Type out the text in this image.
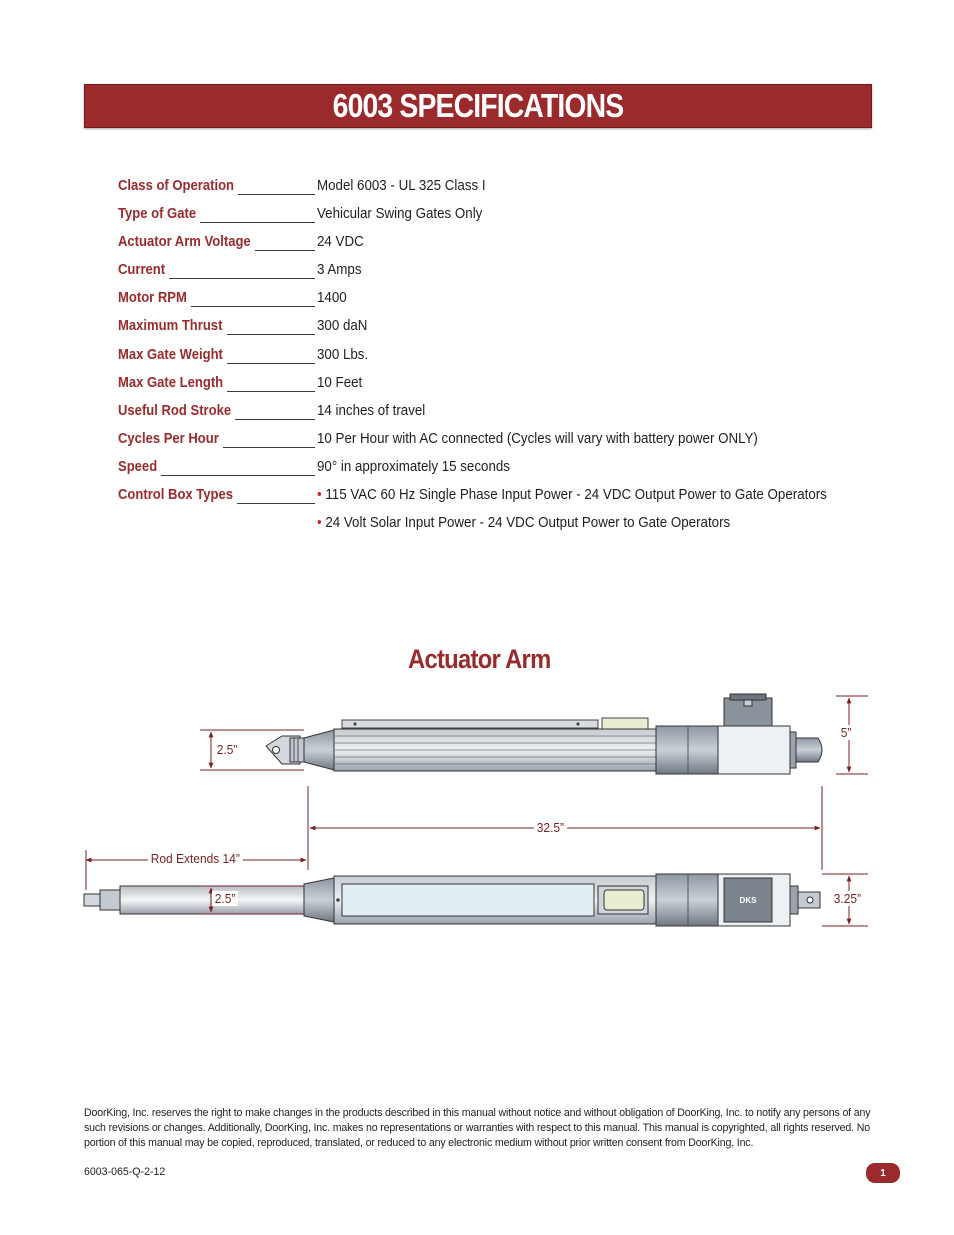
6003 SPECIFICATIONS
Class of Operation	Model 6003 - UL 325 Class I
Type of Gate	Vehicular Swing Gates Only
Actuator Arm Voltage	24 VDC
Current	3 Amps
Motor RPM	1400
Maximum Thrust	300 daN
Max Gate Weight	300 Lbs.
Max Gate Length	10 Feet
Useful Rod Stroke	14 inches of travel
Cycles Per Hour	10 Per Hour with AC connected (Cycles will vary with battery power ONLY)
Speed	90° in approximately 15 seconds
Control Box Types	• 115 VAC 60 Hz Single Phase Input Power - 24 VDC Output Power to Gate Operators
• 24 Volt Solar Input Power - 24 VDC Output Power to Gate Operators
Actuator Arm
DKS
2.5”
5”
32.5”
Rod Extends 14”
2.5”	3.25”
DoorKing, Inc. reserves the right to make changes in the products described in this manual without notice and without obligation of DoorKing, Inc. to notify any persons of any such revisions or changes. Additionally, DoorKing, Inc. makes no representations or warranties with respect to this manual. This manual is copyrighted, all rights reserved. No portion of this manual may be copied, reproduced, translated, or reduced to any electronic medium without prior written consent from DoorKing, Inc.
6003-065-Q-2-12	1
